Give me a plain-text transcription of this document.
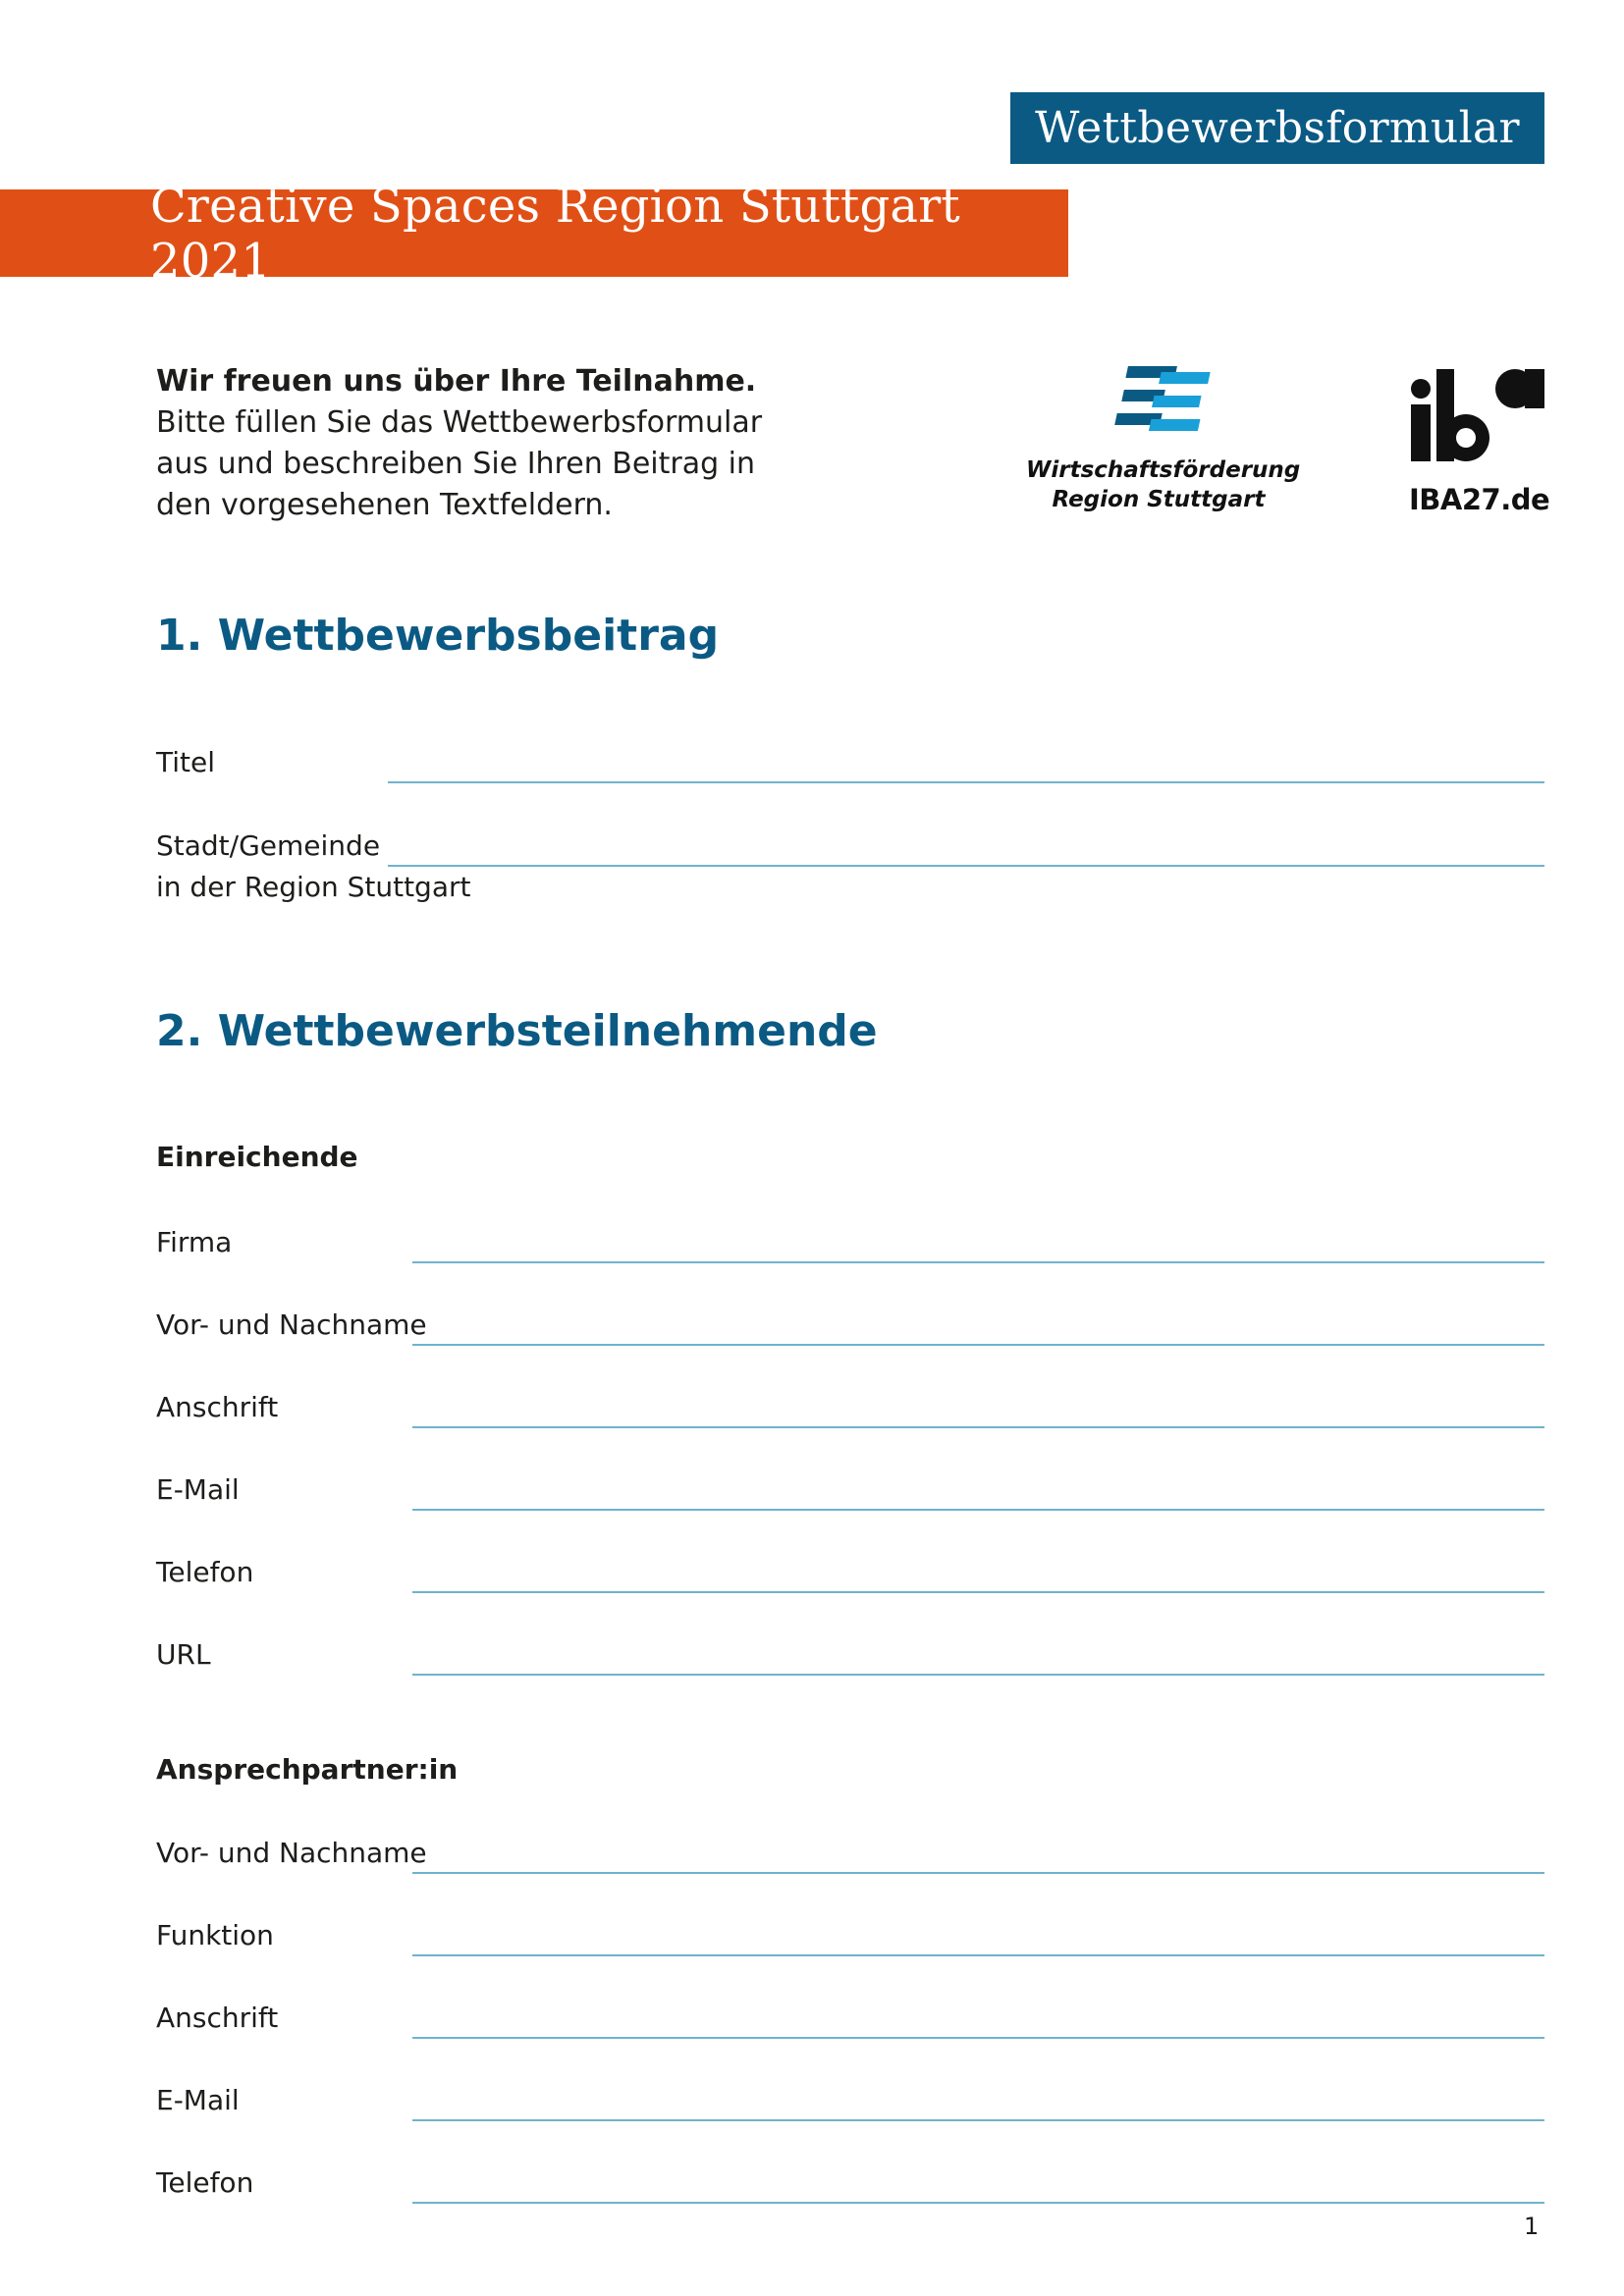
Wettbewerbsformular
Creative Spaces Region Stuttgart 2021
Wir freuen uns über Ihre Teilnahme.
Bitte füllen Sie das Wettbewerbsformular
aus und beschreiben Sie Ihren Beitrag in
den vorgesehenen Textfeldern.
Wirtschaftsförderung
Region Stuttgart	IBA27.de
1. Wettbewerbsbeitrag
Titel
Stadt/Gemeinde
in der Region Stuttgart
2. Wettbewerbsteilnehmende
Einreichende
Firma
Vor- und Nachname
Anschrift
E-Mail
Telefon
URL
Ansprechpartner:in
Vor- und Nachname
Funktion
Anschrift
E-Mail
Telefon
1
